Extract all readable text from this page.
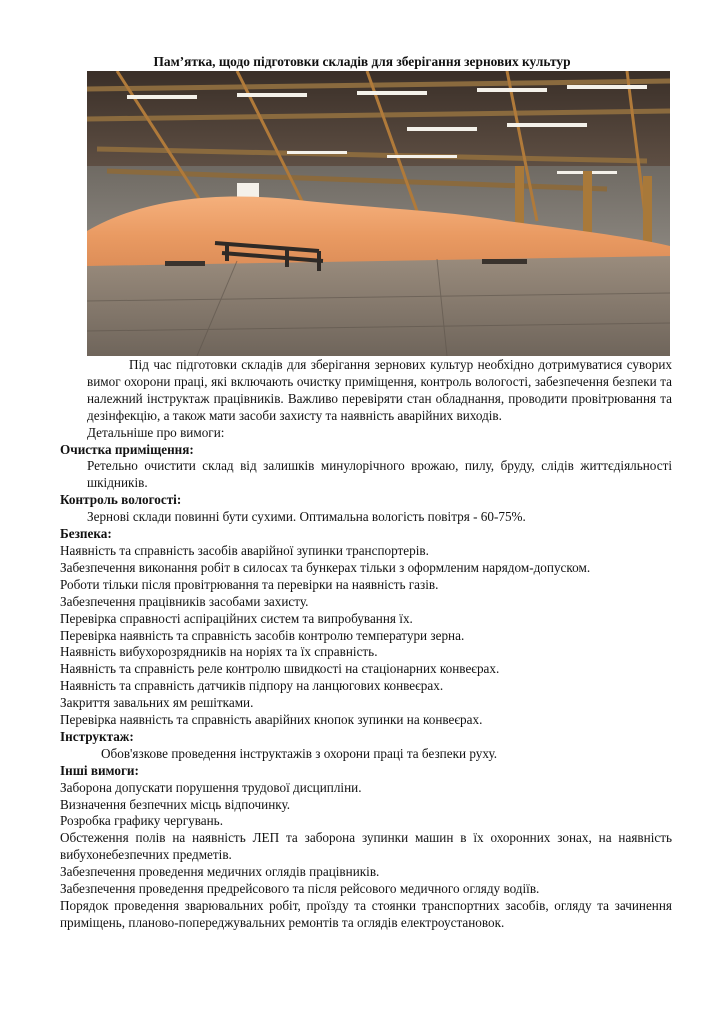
Пам’ятка, щодо підготовки складів для зберігання зернових культур

Під час підготовки складів для зберігання зернових культур необхідно дотримуватися суворих вимог охорони праці, які включають очистку приміщення, контроль вологості, забезпечення безпеки та належний інструктаж працівників. Важливо перевіряти стан обладнання, проводити провітрювання та дезінфекцію, а також мати засоби захисту та наявність аварійних виходів.

Детальніше про вимоги:

Очистка приміщення:

Ретельно очистити склад від залишків минулорічного врожаю, пилу, бруду, слідів життєдіяльності шкідників.

Контроль вологості:

Зернові склади повинні бути сухими. Оптимальна вологість повітря - 60-75%.

Безпека:

Наявність та справність засобів аварійної зупинки транспортерів.

Забезпечення виконання робіт в силосах та бункерах тільки з оформленим нарядом-допуском.

Роботи тільки після провітрювання та перевірки на наявність газів.

Забезпечення працівників засобами захисту.

Перевірка справності аспіраційних систем та випробування їх.

Перевірка наявність та справність засобів контролю температури зерна.

Наявність вибухорозрядників на норіях та їх справність.

Наявність та справність реле контролю швидкості на стаціонарних конвеєрах.

Наявність та справність датчиків підпору на ланцюгових конвеєрах.

Закриття завальних ям решітками.

Перевірка наявність та справність аварійних кнопок зупинки на конвеєрах.

Інструктаж:

Обов'язкове проведення інструктажів з охорони праці та безпеки руху.

Інші вимоги:

Заборона допускати порушення трудової дисципліни.

Визначення безпечних місць відпочинку.

Розробка графику чергувань.

Обстеження полів на наявність ЛЕП та заборона зупинки машин в їх охоронних зонах, на наявність вибухонебезпечних предметів.

Забезпечення проведення медичних оглядів працівників.

Забезпечення проведення предрейсового та після рейсового медичного огляду водіїв.

Порядок проведення зварювальних робіт, проїзду та стоянки транспортних засобів, огляду та зачинення приміщень, планово-попереджувальних ремонтів та оглядів електроустановок.
